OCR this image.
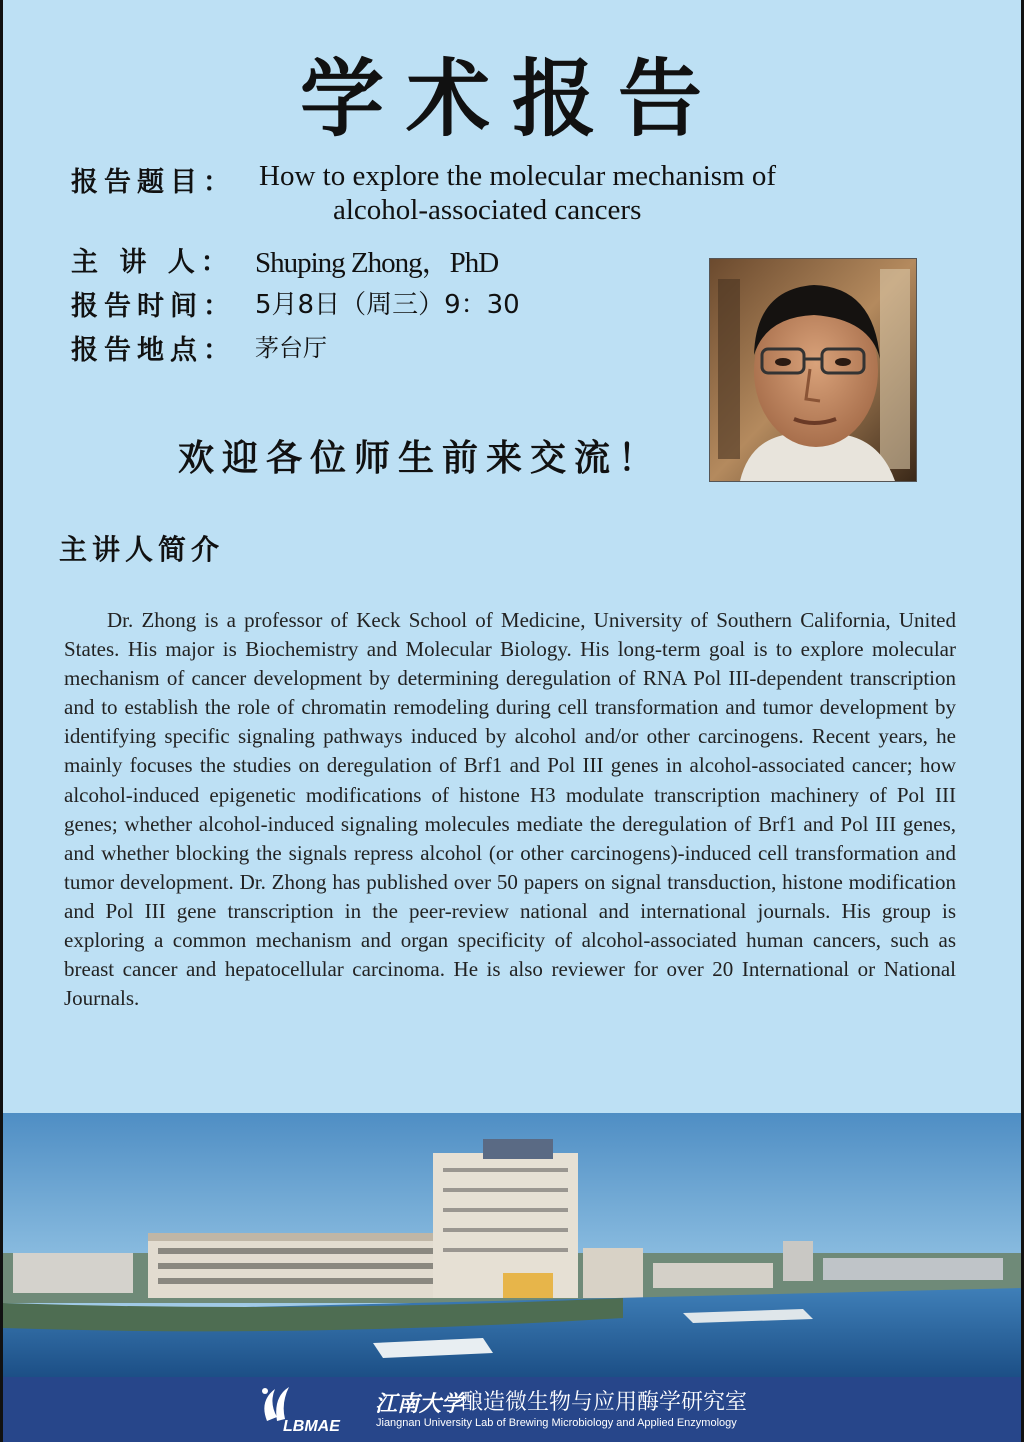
学术报告
报告题目： How to explore the molecular mechanism of
alcohol-associated cancers
主 讲 人： Shuping Zhong，PhD
报告时间： 5月8日（周三）9：30
报告地点： 茅台厅
欢迎各位师生前来交流！
主讲人简介

Dr. Zhong is a professor of Keck School of Medicine, University of Southern California, United States. His major is Biochemistry and Molecular Biology. His long-term goal is to explore molecular mechanism of cancer development by determining deregulation of RNA Pol III-dependent transcription and to establish the role of chromatin remodeling during cell transformation and tumor development by identifying specific signaling pathways induced by alcohol and/or other carcinogens. Recent years, he mainly focuses the studies on deregulation of Brf1 and Pol III genes in alcohol-associated cancer; how alcohol-induced epigenetic modifications of histone H3 modulate transcription machinery of Pol III genes; whether alcohol-induced signaling molecules mediate the deregulation of Brf1 and Pol III genes, and whether blocking the signals repress alcohol (or other carcinogens)-induced cell transformation and tumor development. Dr. Zhong has published over 50 papers on signal transduction, histone modification and Pol III gene transcription in the peer-review national and international journals. His group is exploring a common mechanism and organ specificity of alcohol-associated human cancers, such as breast cancer and hepatocellular carcinoma. He is also reviewer for over 20 International or National Journals.

LBMAE
江南大学
酿造微生物与应用酶学研究室
Jiangnan University Lab of Brewing Microbiology and Applied Enzymology
